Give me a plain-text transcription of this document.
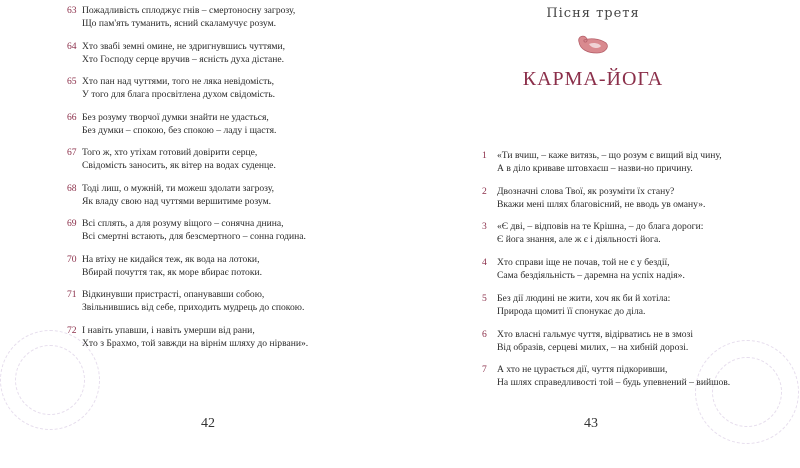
63 Пожадливість сплоджує гнів – смертоносну загрозу,
Що пам'ять туманить, ясний скаламучує розум.
64 Хто звабі земні омине, не здригнувшись чуттями,
Хто Господу серце вручив – ясність духа дістане.
65 Хто пан над чуттями, того не ляка невідомість,
У того для блага просвітлена духом свідомість.
66 Без розуму творчої думки знайти не удасться,
Без думки – спокою, без спокою – ладу і щастя.
67 Того ж, хто утіхам готовий довірити серце,
Свідомість заносить, як вітер на водах суденце.
68 Тоді лиш, о мужній, ти можеш здолати загрозу,
Як владу свою над чуттями вершитиме розум.
69 Всі сплять, а для розуму віщого – сонячна днина,
Всі смертні встають, для безсмертного – сонна година.
70 На втіху не кидайся теж, як вода на лотоки,
Вбирай почуття так, як море вбирає потоки.
71 Відкинувши пристрасті, опанувавши собою,
Звільнившись від себе, приходить мудрець до спокою.
72 І навіть упавши, і навіть умерши від рани,
Хто з Брахмо, той завжди на вірнім шляху до нірвани».
42
Пісня третя
КАРМА-ЙОГА
1 «Ти вчиш, – каже витязь, – що розум є вищий від чину,
А в діло криваве штовхаєш – назви-но причину.
2 Двозначні слова Твої, як розуміти їх стану?
Вкажи мені шлях благовісний, не вводь ув оману».
3 «Є дві, – відповів на те Крішна, – до блага дороги:
Є йога знання, але ж є і діяльності йога.
4 Хто справи іще не почав, той не є у бездії,
Сама бездіяльність – даремна на успіх надія».
5 Без дії людині не жити, хоч як би й хотіла:
Природа щомиті її спонукає до діла.
6 Хто власні гальмує чуття, відірватись не в змозі
Від образів, серцеві милих, – на хибній дорозі.
7 А хто не цурається дії, чуття підкоривши,
На шлях справедливості той – будь упевнений – вийшов.
43
